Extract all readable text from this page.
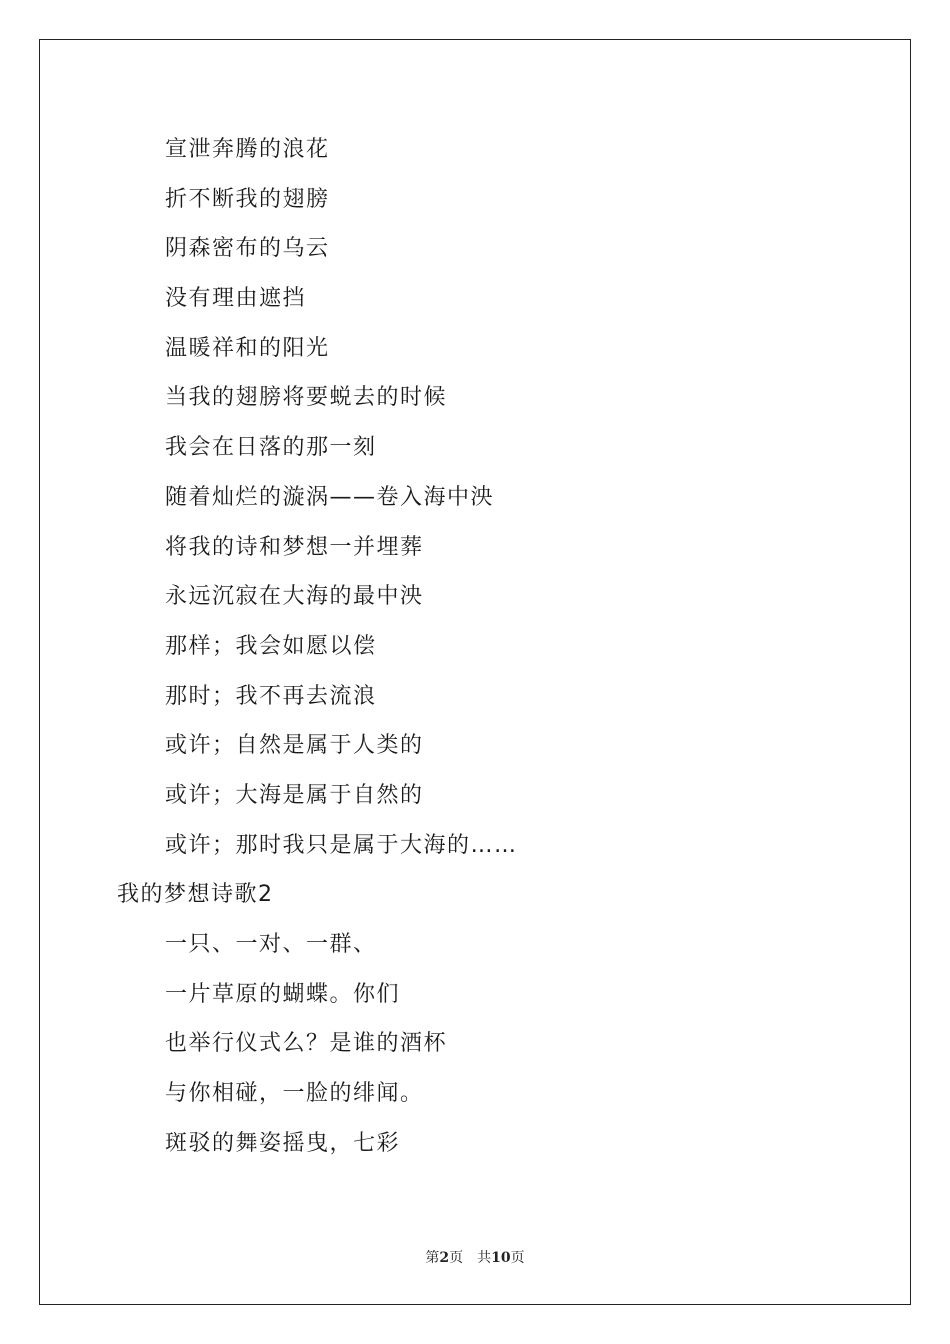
宣泄奔腾的浪花
折不断我的翅膀
阴森密布的乌云
没有理由遮挡
温暖祥和的阳光
当我的翅膀将要蜕去的时候
我会在日落的那一刻
随着灿烂的漩涡——卷入海中泱
将我的诗和梦想一并埋葬
永远沉寂在大海的最中泱
那样；我会如愿以偿
那时；我不再去流浪
或许；自然是属于人类的
或许；大海是属于自然的
或许；那时我只是属于大海的……
我的梦想诗歌2
一只、一对、一群、
一片草原的蝴蝶。你们
也举行仪式么？是谁的酒杯
与你相碰，一脸的绯闻。
斑驳的舞姿摇曳，七彩
第2页 共10页
